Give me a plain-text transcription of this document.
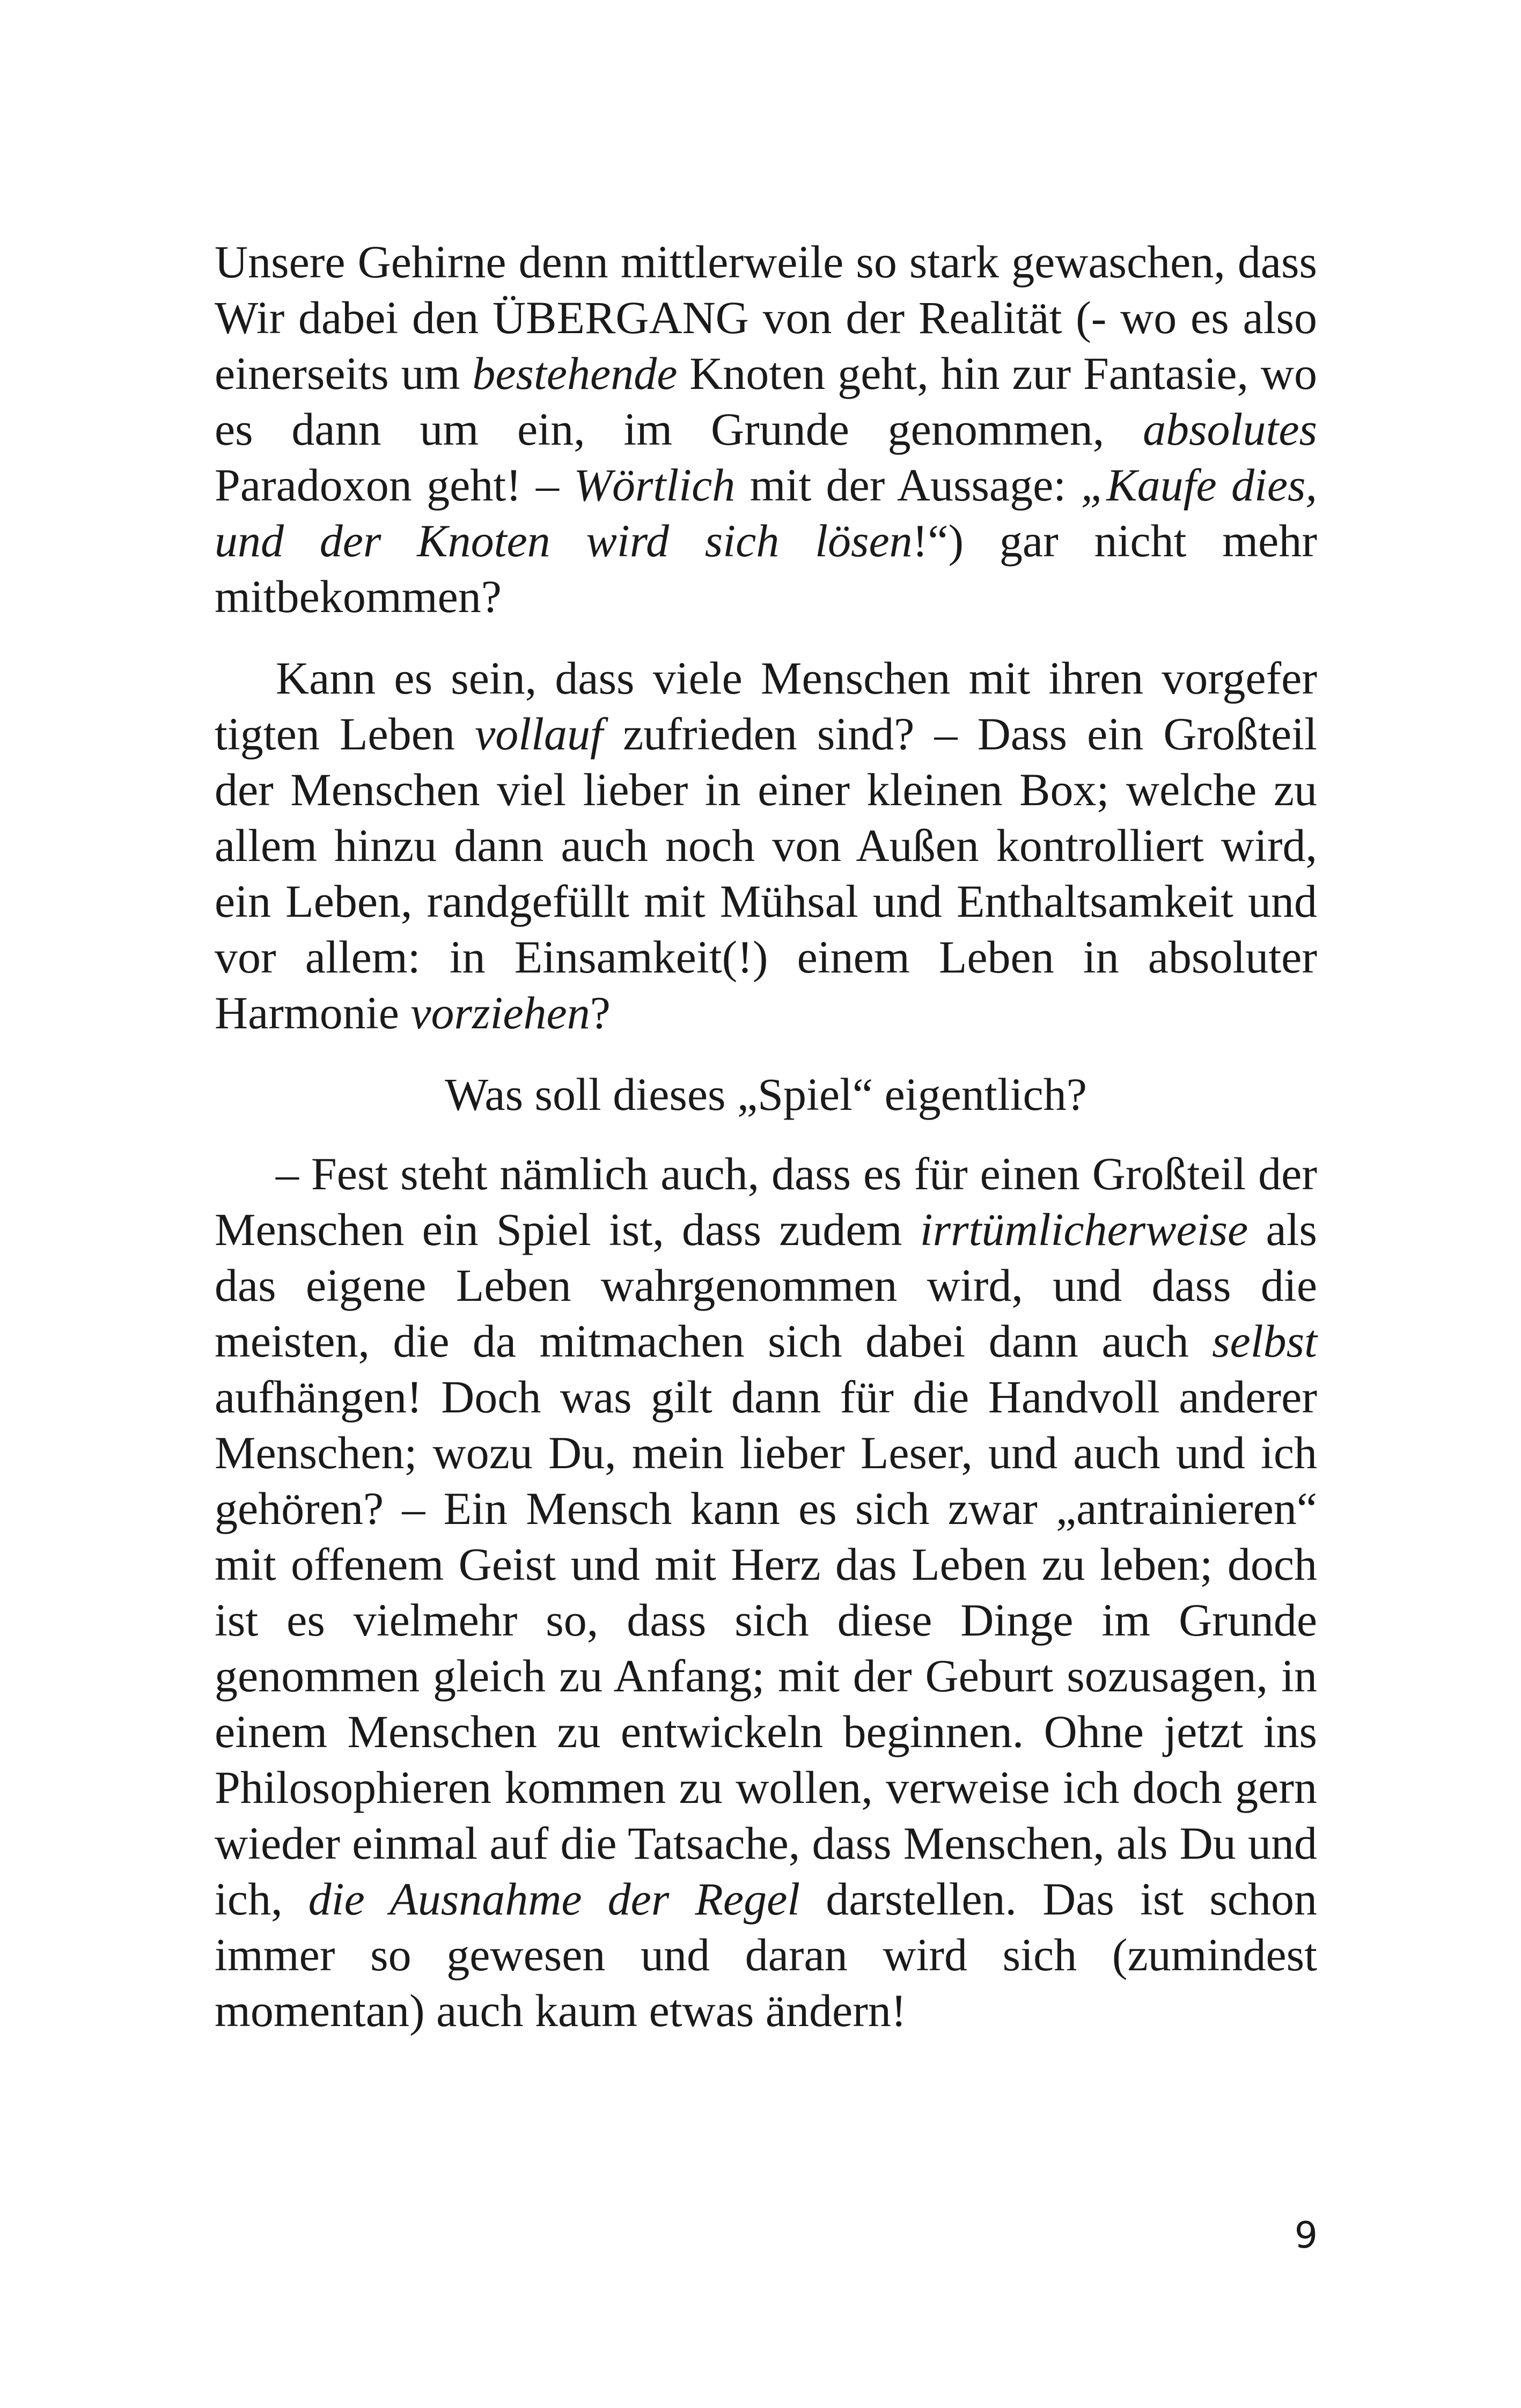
Unsere Gehirne denn mittlerweile so stark gewaschen, dass Wir dabei den ÜBERGANG von der Realität (- wo es also einerseits um bestehende Knoten geht, hin zur Fantasie, wo es dann um ein, im Grunde genommen, absolutes Paradoxon geht! – Wörtlich mit der Aussage: „Kaufe dies, und der Knoten wird sich lösen!“) gar nicht mehr mitbekommen?

Kann es sein, dass viele Menschen mit ihren vorgefer tigten Leben vollauf zufrieden sind? – Dass ein Großteil der Menschen viel lieber in einer kleinen Box; welche zu allem hinzu dann auch noch von Außen kontrolliert wird, ein Leben, randgefüllt mit Mühsal und Enthaltsamkeit und vor allem: in Einsamkeit(!) einem Leben in absoluter Harmonie vorziehen?

Was soll dieses „Spiel“ eigentlich?

– Fest steht nämlich auch, dass es für einen Großteil der Menschen ein Spiel ist, dass zudem irrtümlicherweise als das eigene Leben wahrgenommen wird, und dass die meisten, die da mitmachen sich dabei dann auch selbst aufhängen! Doch was gilt dann für die Handvoll anderer Menschen; wozu Du, mein lieber Leser, und auch und ich gehören? – Ein Mensch kann es sich zwar „antrainieren“ mit offenem Geist und mit Herz das Leben zu leben; doch ist es vielmehr so, dass sich diese Dinge im Grunde genommen gleich zu Anfang; mit der Geburt sozusagen, in einem Menschen zu entwickeln beginnen. Ohne jetzt ins Philosophieren kommen zu wollen, verweise ich doch gern wieder einmal auf die Tatsache, dass Menschen, als Du und ich, die Ausnahme der Regel darstellen. Das ist schon immer so gewesen und daran wird sich (zumindest momentan) auch kaum etwas ändern!

9
